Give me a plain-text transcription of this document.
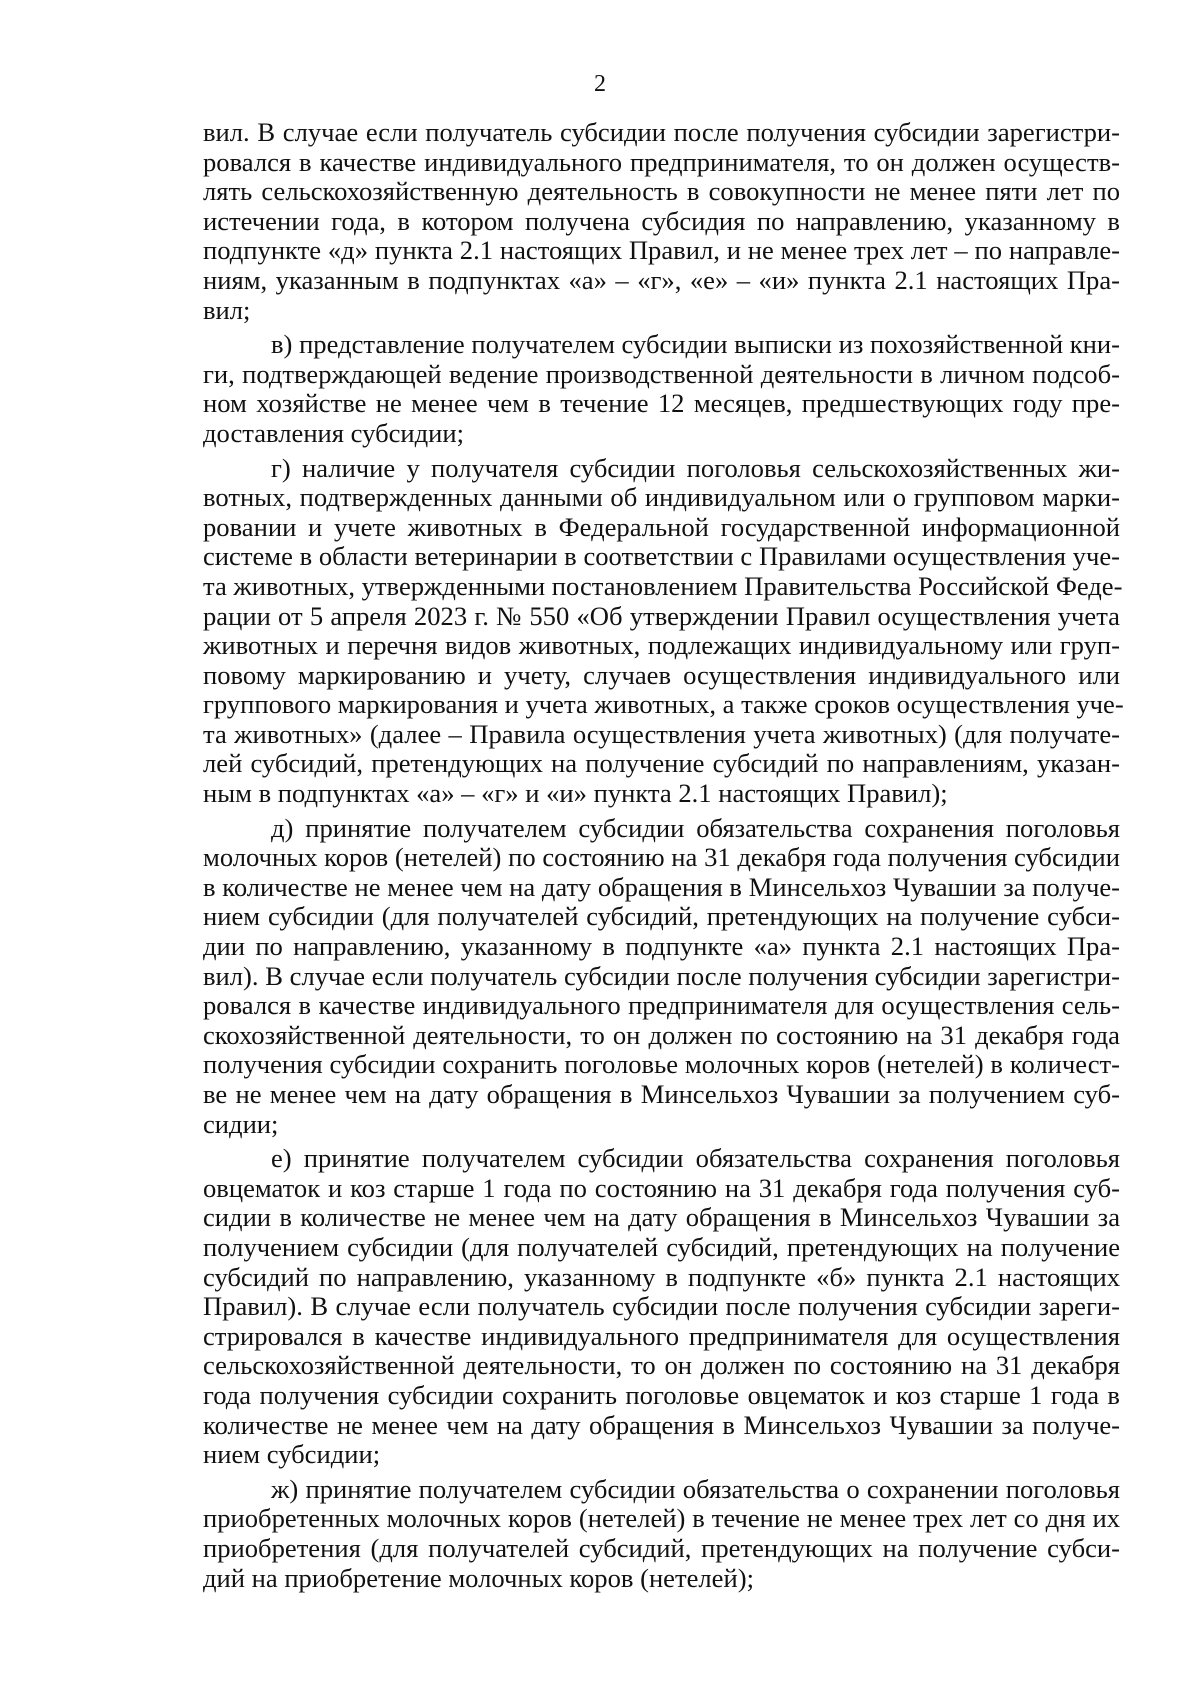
2
вил. В случае если получатель субсидии после получения субсидии зарегистри-
ровался в качестве индивидуального предпринимателя, то он должен осуществ-
лять сельскохозяйственную деятельность в совокупности не менее пяти лет по
истечении года, в котором получена субсидия по направлению, указанному в
подпункте «д» пункта 2.1 настоящих Правил, и не менее трех лет – по направле-
ниям, указанным в подпунктах «а» – «г», «е» – «и» пункта 2.1 настоящих Пра-
вил;
в) представление получателем субсидии выписки из похозяйственной кни-
ги, подтверждающей ведение производственной деятельности в личном подсоб-
ном хозяйстве не менее чем в течение 12 месяцев, предшествующих году пре-
доставления субсидии;
г) наличие у получателя субсидии поголовья сельскохозяйственных жи-
вотных, подтвержденных данными об индивидуальном или о групповом марки-
ровании и учете животных в Федеральной государственной информационной
системе в области ветеринарии в соответствии с Правилами осуществления уче-
та животных, утвержденными постановлением Правительства Российской Феде-
рации от 5 апреля 2023 г. № 550 «Об утверждении Правил осуществления учета
животных и перечня видов животных, подлежащих индивидуальному или груп-
повому маркированию и учету, случаев осуществления индивидуального или
группового маркирования и учета животных, а также сроков осуществления уче-
та животных» (далее – Правила осуществления учета животных) (для получате-
лей субсидий, претендующих на получение субсидий по направлениям, указан-
ным в подпунктах «а» – «г» и «и» пункта 2.1 настоящих Правил);
д) принятие получателем субсидии обязательства сохранения поголовья
молочных коров (нетелей) по состоянию на 31 декабря года получения субсидии
в количестве не менее чем на дату обращения в Минсельхоз Чувашии за получе-
нием субсидии (для получателей субсидий, претендующих на получение субси-
дии по направлению, указанному в подпункте «а» пункта 2.1 настоящих Пра-
вил). В случае если получатель субсидии после получения субсидии зарегистри-
ровался в качестве индивидуального предпринимателя для осуществления сель-
скохозяйственной деятельности, то он должен по состоянию на 31 декабря года
получения субсидии сохранить поголовье молочных коров (нетелей) в количест-
ве не менее чем на дату обращения в Минсельхоз Чувашии за получением суб-
сидии;
е) принятие получателем субсидии обязательства сохранения поголовья
овцематок и коз старше 1 года по состоянию на 31 декабря года получения суб-
сидии в количестве не менее чем на дату обращения в Минсельхоз Чувашии за
получением субсидии (для получателей субсидий, претендующих на получение
субсидий по направлению, указанному в подпункте «б» пункта 2.1 настоящих
Правил). В случае если получатель субсидии после получения субсидии зареги-
стрировался в качестве индивидуального предпринимателя для осуществления
сельскохозяйственной деятельности, то он должен по состоянию на 31 декабря
года получения субсидии сохранить поголовье овцематок и коз старше 1 года в
количестве не менее чем на дату обращения в Минсельхоз Чувашии за получе-
нием субсидии;
ж) принятие получателем субсидии обязательства о сохранении поголовья
приобретенных молочных коров (нетелей) в течение не менее трех лет со дня их
приобретения (для получателей субсидий, претендующих на получение субси-
дий на приобретение молочных коров (нетелей);
